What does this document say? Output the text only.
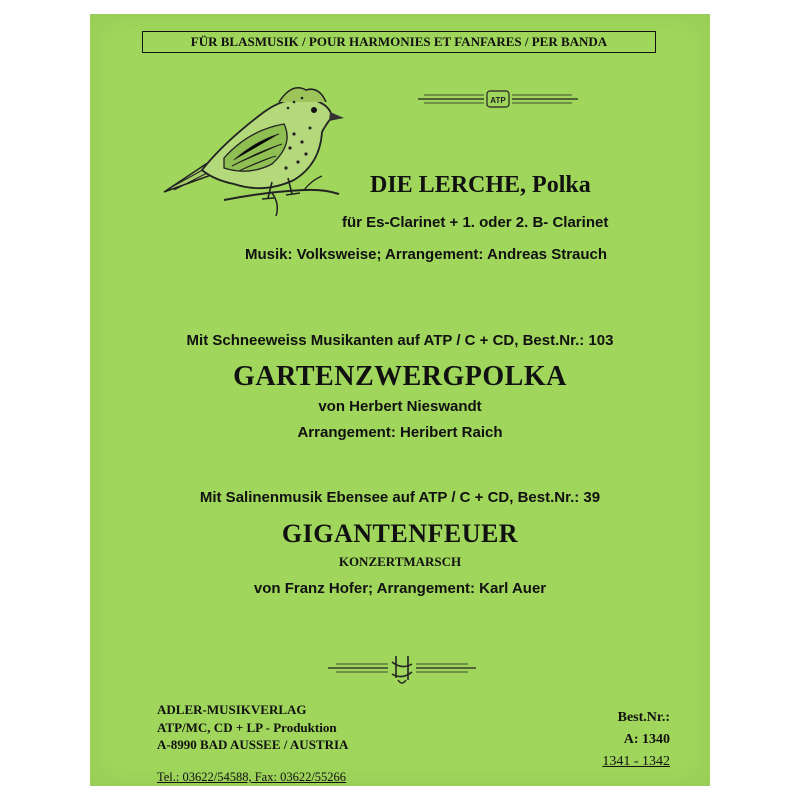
FÜR BLASMUSIK / POUR HARMONIES ET FANFARES / PER BANDA
ATP
DIE LERCHE, Polka
für Es-Clarinet + 1. oder 2. B- Clarinet
Musik: Volksweise; Arrangement: Andreas Strauch
Mit Schneeweiss Musikanten auf ATP / C + CD, Best.Nr.: 103
GARTENZWERGPOLKA
von Herbert Nieswandt
Arrangement: Heribert Raich
Mit Salinenmusik Ebensee auf ATP / C + CD, Best.Nr.: 39
GIGANTENFEUER
KONZERTMARSCH
von Franz Hofer; Arrangement: Karl Auer
ADLER-MUSIKVERLAG
ATP/MC, CD + LP - Produktion
A-8990 BAD AUSSEE / AUSTRIA
Tel.: 03622/54588, Fax: 03622/55266
Best.Nr.:
A: 1340
1341 - 1342
